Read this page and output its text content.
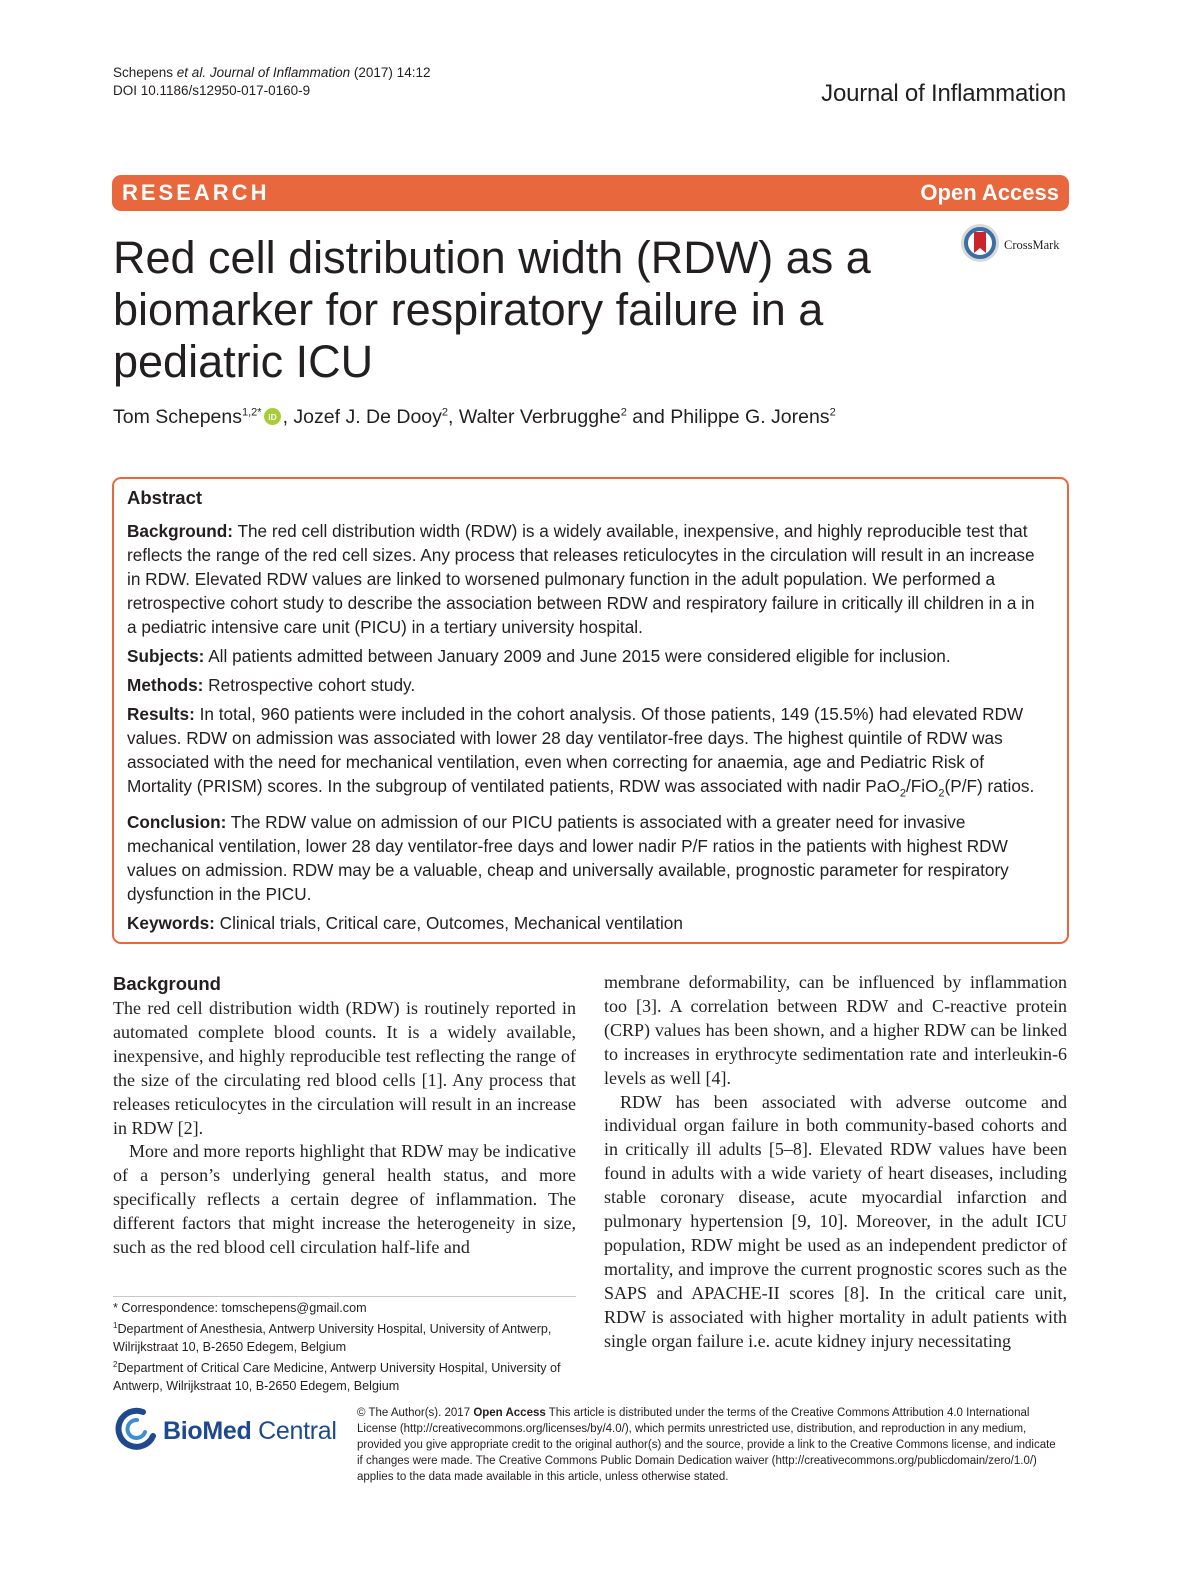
Schepens et al. Journal of Inflammation (2017) 14:12
DOI 10.1186/s12950-017-0160-9	Journal of Inflammation
RESEARCH	Open Access
Red cell distribution width (RDW) as a biomarker for respiratory failure in a pediatric ICU
CrossMark
Tom Schepens$^{1,2*}$ iD , Jozef J. De Dooy$^2$, Walter Verbrugghe$^2$ and Philippe G. Jorens$^2$
Abstract

Background: The red cell distribution width (RDW) is a widely available, inexpensive, and highly reproducible test that reflects the range of the red cell sizes. Any process that releases reticulocytes in the circulation will result in an increase in RDW. Elevated RDW values are linked to worsened pulmonary function in the adult population. We performed a retrospective cohort study to describe the association between RDW and respiratory failure in critically ill children in a in a pediatric intensive care unit (PICU) in a tertiary university hospital.

Subjects: All patients admitted between January 2009 and June 2015 were considered eligible for inclusion.

Methods: Retrospective cohort study.

Results: In total, 960 patients were included in the cohort analysis. Of those patients, 149 (15.5%) had elevated RDW values. RDW on admission was associated with lower 28 day ventilator-free days. The highest quintile of RDW was associated with the need for mechanical ventilation, even when correcting for anaemia, age and Pediatric Risk of Mortality (PRISM) scores. In the subgroup of ventilated patients, RDW was associated with nadir PaO$_2$/FiO$_2$(P/F) ratios.

Conclusion: The RDW value on admission of our PICU patients is associated with a greater need for invasive mechanical ventilation, lower 28 day ventilator-free days and lower nadir P/F ratios in the patients with highest RDW values on admission. RDW may be a valuable, cheap and universally available, prognostic parameter for respiratory dysfunction in the PICU.

Keywords: Clinical trials, Critical care, Outcomes, Mechanical ventilation

Background

The red cell distribution width (RDW) is routinely reported in automated complete blood counts. It is a widely available, inexpensive, and highly reproducible test reflecting the range of the size of the circulating red blood cells [1]. Any process that releases reticulocytes in the circulation will result in an increase in RDW [2].

More and more reports highlight that RDW may be indicative of a person’s underlying general health status, and more specifically reflects a certain degree of inflammation. The different factors that might increase the heterogeneity in size, such as the red blood cell circulation half-life and

membrane deformability, can be influenced by inflammation too [3]. A correlation between RDW and C-reactive protein (CRP) values has been shown, and a higher RDW can be linked to increases in erythrocyte sedimentation rate and interleukin-6 levels as well [4].

RDW has been associated with adverse outcome and individual organ failure in both community-based cohorts and in critically ill adults [5–8]. Elevated RDW values have been found in adults with a wide variety of heart diseases, including stable coronary disease, acute myocardial infarction and pulmonary hypertension [9, 10]. Moreover, in the adult ICU population, RDW might be used as an independent predictor of mortality, and improve the current prognostic scores such as the SAPS and APACHE-II scores [8]. In the critical care unit, RDW is associated with higher mortality in adult patients with single organ failure i.e. acute kidney injury necessitating

* Correspondence: tomschepens@gmail.com

$^1$Department of Anesthesia, Antwerp University Hospital, University of Antwerp, Wilrijkstraat 10, B-2650 Edegem, Belgium

$^2$Department of Critical Care Medicine, Antwerp University Hospital, University of Antwerp, Wilrijkstraat 10, B-2650 Edegem, Belgium

BioMed Central
© The Author(s). 2017 Open Access This article is distributed under the terms of the Creative Commons Attribution 4.0 International License (http://creativecommons.org/licenses/by/4.0/), which permits unrestricted use, distribution, and reproduction in any medium, provided you give appropriate credit to the original author(s) and the source, provide a link to the Creative Commons license, and indicate if changes were made. The Creative Commons Public Domain Dedication waiver (http://creativecommons.org/publicdomain/zero/1.0/) applies to the data made available in this article, unless otherwise stated.
